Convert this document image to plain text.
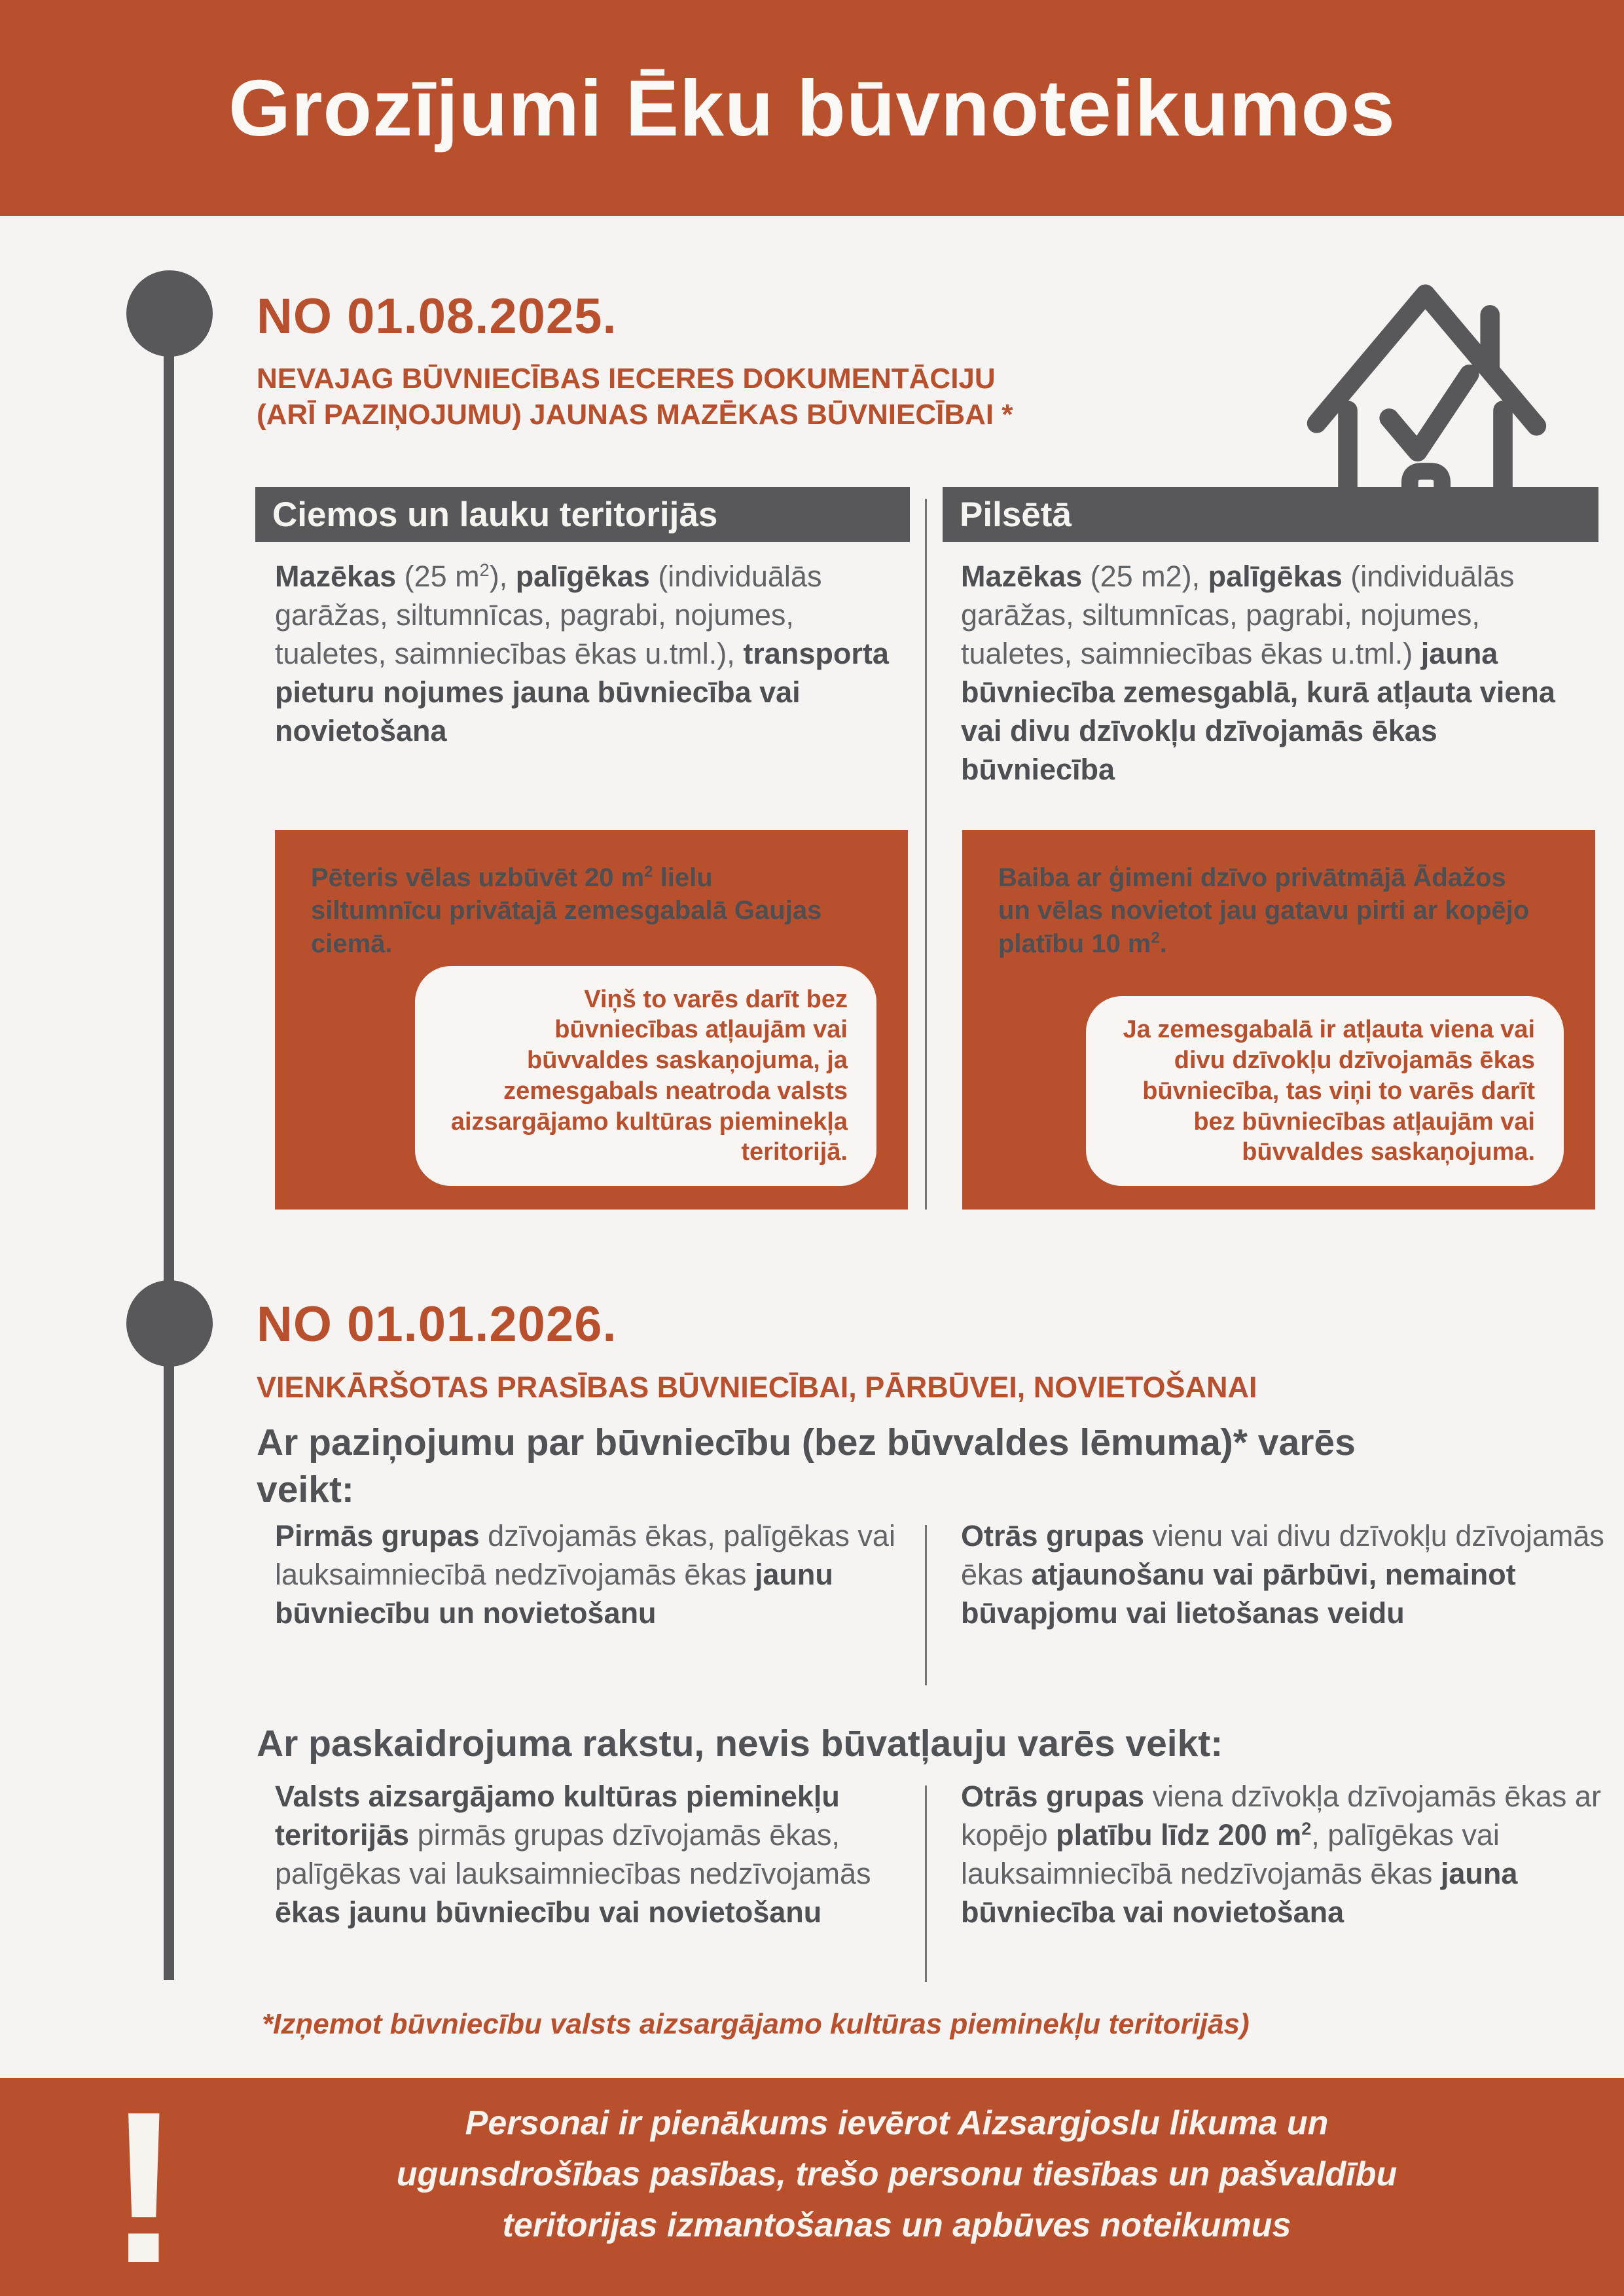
Grozījumi Ēku būvnoteikumos
NO 01.08.2025.
NEVAJAG BŪVNIECĪBAS IECERES DOKUMENTĀCIJU
(ARĪ PAZIŅOJUMU) JAUNAS MAZĒKAS BŪVNIECĪBAI *
Ciemos un lauku teritorijās	Pilsētā
Mazēkas (25 $m^2$), palīgēkas (individuālās garāžas, siltumnīcas, pagrabi, nojumes, tualetes, saimniecības ēkas u.tml.), transporta pieturu nojumes jauna būvniecība vai novietošana
Mazēkas (25 m2), palīgēkas (individuālās garāžas, siltumnīcas, pagrabi, nojumes, tualetes, saimniecības ēkas u.tml.) jauna būvniecība zemesgablā, kurā atļauta viena vai divu dzīvokļu dzīvojamās ēkas būvniecība
Pēteris vēlas uzbūvēt 20 $m^2$ lielu siltumnīcu privātajā zemesgabalā Gaujas ciemā.
Viņš to varēs darīt bez būvniecības atļaujām vai būvvaldes saskaņojuma, ja zemesgabals neatroda valsts aizsargājamo kultūras pieminekļa teritorijā.
Baiba ar ģimeni dzīvo privātmājā Ādažos un vēlas novietot jau gatavu pirti ar kopējo platību 10 $m^2$.
Ja zemesgabalā ir atļauta viena vai divu dzīvokļu dzīvojamās ēkas būvniecība, tas viņi to varēs darīt bez būvniecības atļaujām vai būvvaldes saskaņojuma.
NO 01.01.2026.
VIENKĀRŠOTAS PRASĪBAS BŪVNIECĪBAI, PĀRBŪVEI, NOVIETOŠANAI
Ar paziņojumu par būvniecību (bez būvvaldes lēmuma)* varēs veikt:
Pirmās grupas dzīvojamās ēkas, palīgēkas vai lauksaimniecībā nedzīvojamās ēkas jaunu būvniecību un novietošanu
Otrās grupas vienu vai divu dzīvokļu dzīvojamās ēkas atjaunošanu vai pārbūvi, nemainot būvapjomu vai lietošanas veidu
Ar paskaidrojuma rakstu, nevis būvatļauju varēs veikt:
Valsts aizsargājamo kultūras pieminekļu teritorijās pirmās grupas dzīvojamās ēkas, palīgēkas vai lauksaimniecības nedzīvojamās ēkas jaunu būvniecību vai novietošanu
Otrās grupas viena dzīvokļa dzīvojamās ēkas ar kopējo platību līdz 200 $m^2$, palīgēkas vai lauksaimniecībā nedzīvojamās ēkas jauna būvniecība vai novietošana
*Izņemot būvniecību valsts aizsargājamo kultūras pieminekļu teritorijās)
!	Personai ir pienākums ievērot Aizsargjoslu likuma un
ugunsdrošības pasības, trešo personu tiesības un pašvaldību
teritorijas izmantošanas un apbūves noteikumus
